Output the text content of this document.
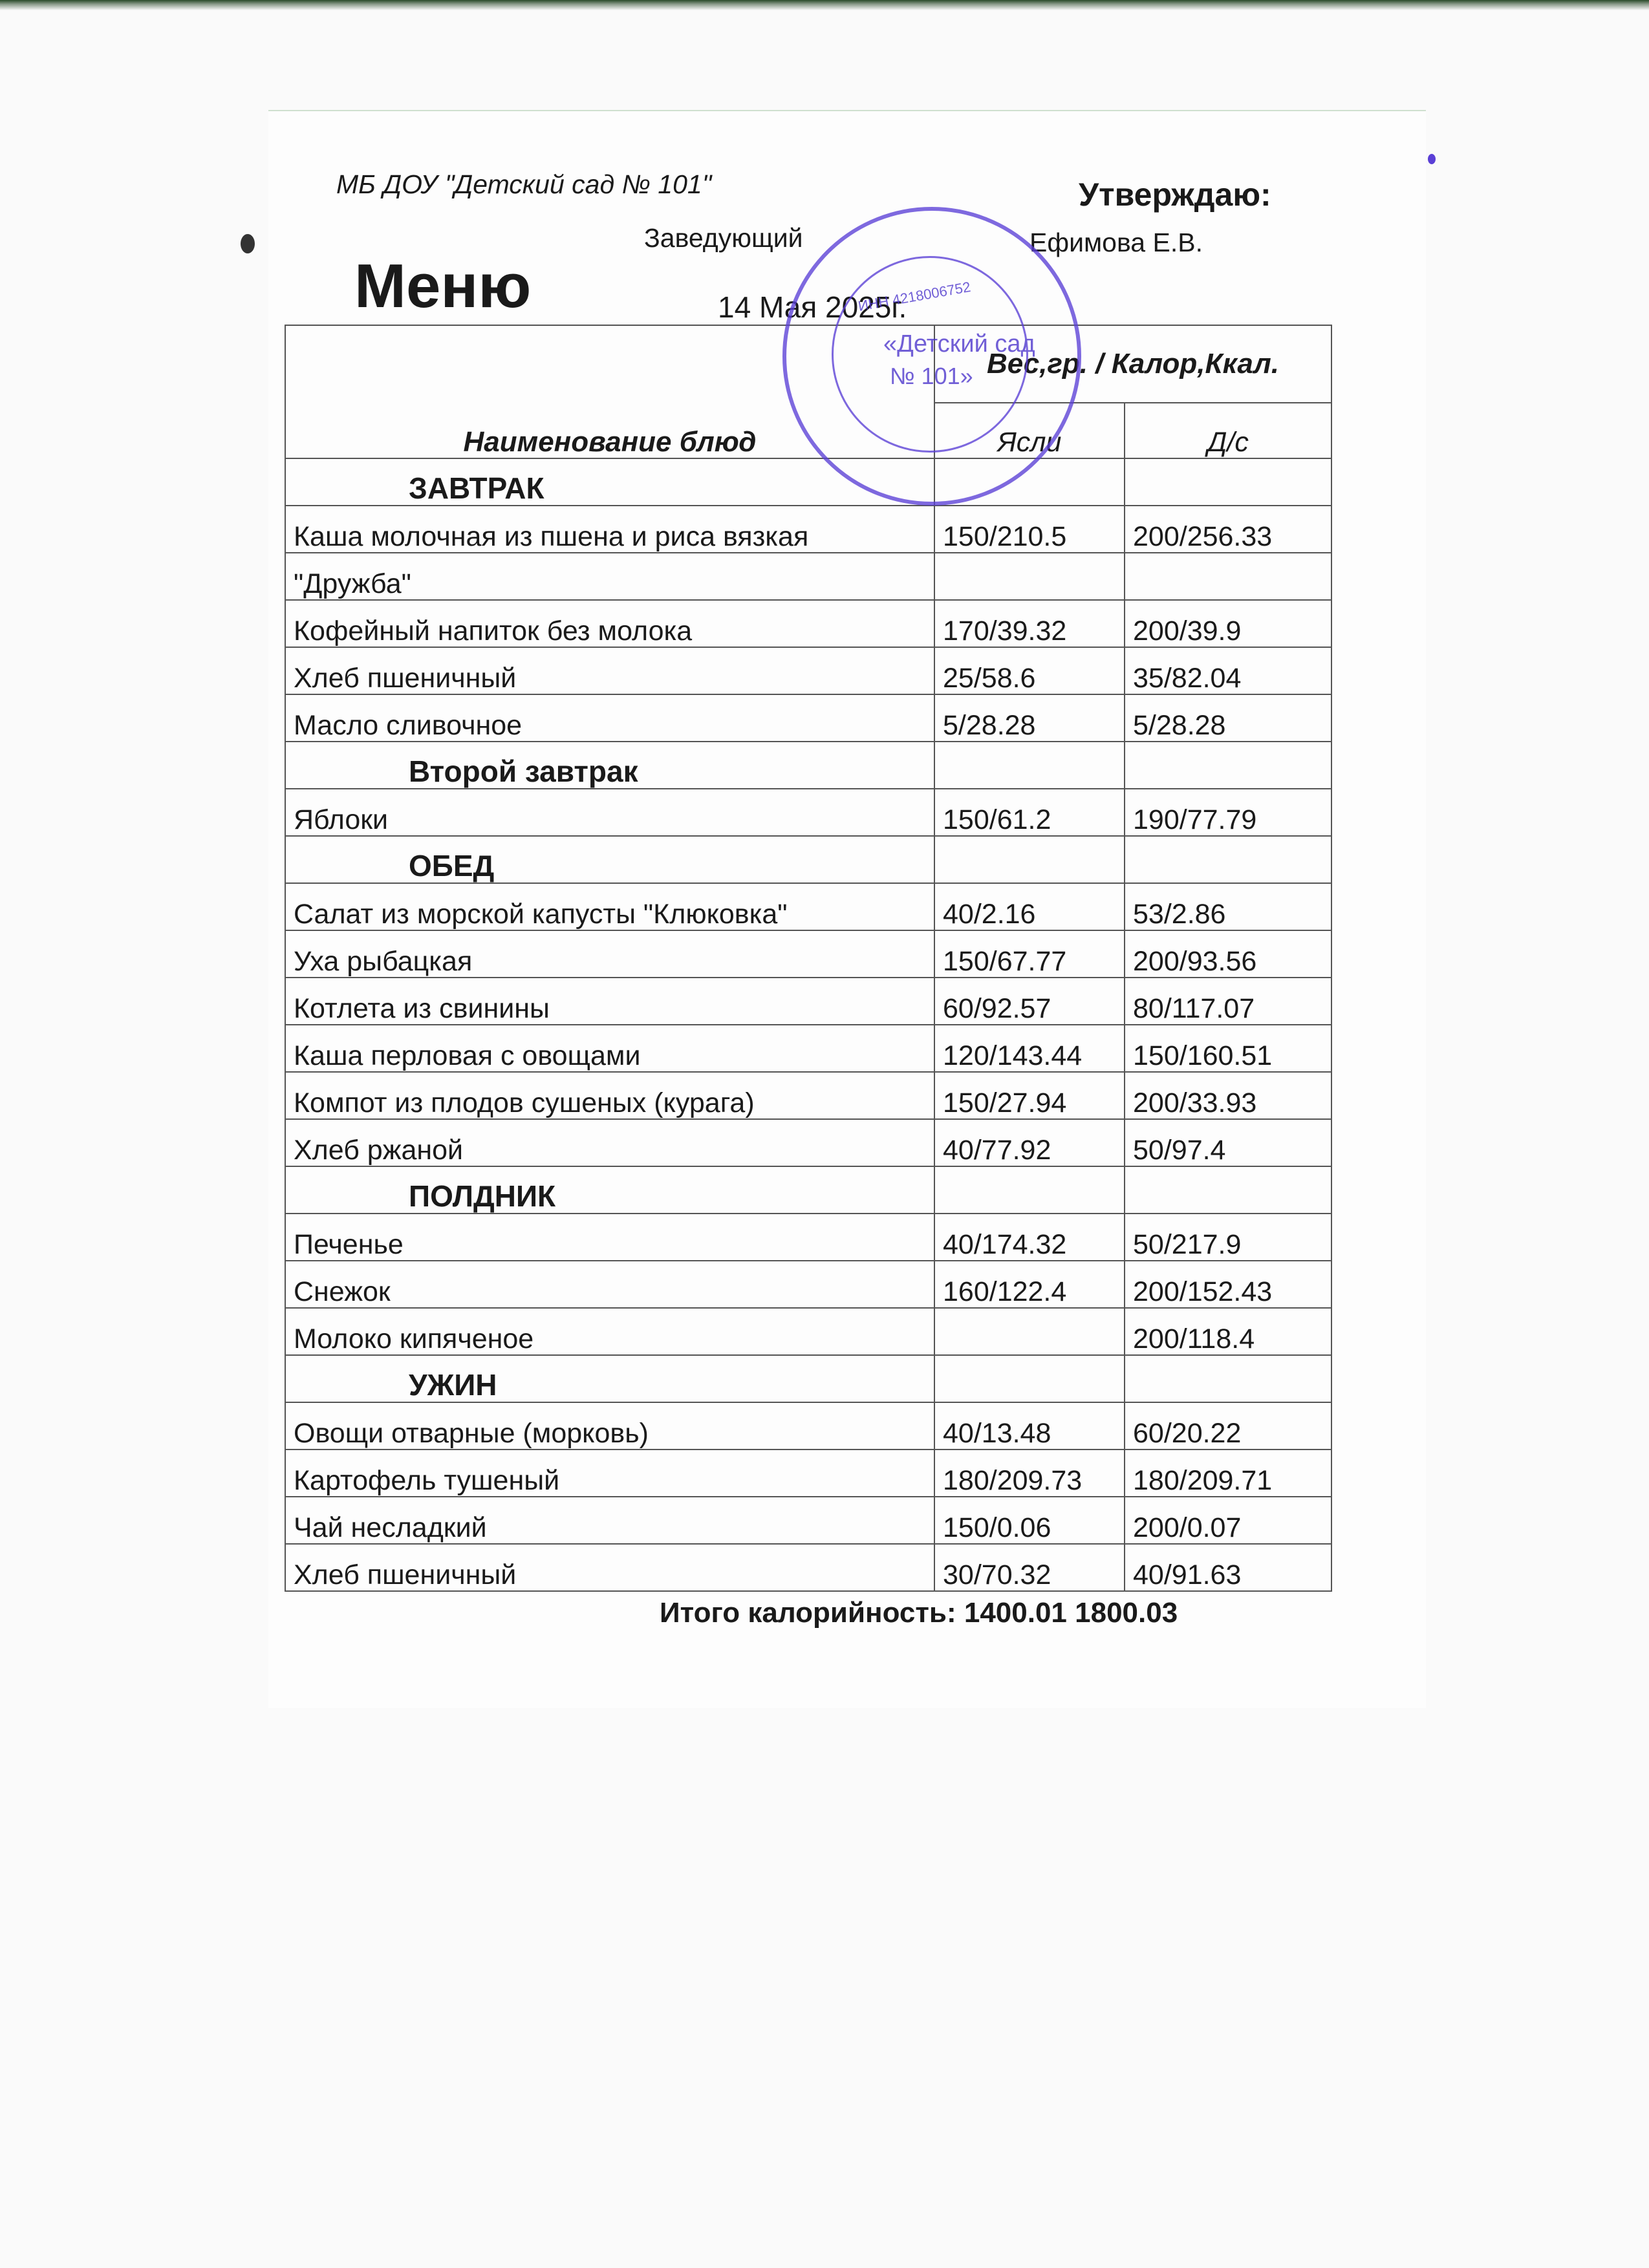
МБ ДОУ "Детский сад № 101"	Утверждаю:
Заведующий	Ефимова Е.В.
Меню	14 Мая 2025г.
Наименование блюд	Вес,гр. / Калор,Ккал.	
	Ясли	Д/с
ЗАВТРАК		
Каша молочная из пшена и риса вязкая	150/210.5	200/256.33
"Дружба"		
Кофейный напиток без молока	170/39.32	200/39.9
Хлеб пшеничный	25/58.6	35/82.04
Масло сливочное	5/28.28	5/28.28
Второй завтрак		
Яблоки	150/61.2	190/77.79
ОБЕД		
Салат из морской капусты "Клюковка"	40/2.16	53/2.86
Уха рыбацкая	150/67.77	200/93.56
Котлета из свинины	60/92.57	80/117.07
Каша перловая с овощами	120/143.44	150/160.51
Компот из плодов сушеных (курага)	150/27.94	200/33.93
Хлеб ржаной	40/77.92	50/97.4
ПОЛДНИК		
Печенье	40/174.32	50/217.9
Снежок	160/122.4	200/152.43
Молоко кипяченое		200/118.4
УЖИН		
Овощи отварные (морковь)	40/13.48	60/20.22
Картофель тушеный	180/209.73	180/209.71
Чай несладкий	150/0.06	200/0.07
Хлеб пшеничный	30/70.32	40/91.63
Итого калорийность: 1400.01 1800.03
ИНН 4218006752
«Детский сад
№ 101»
